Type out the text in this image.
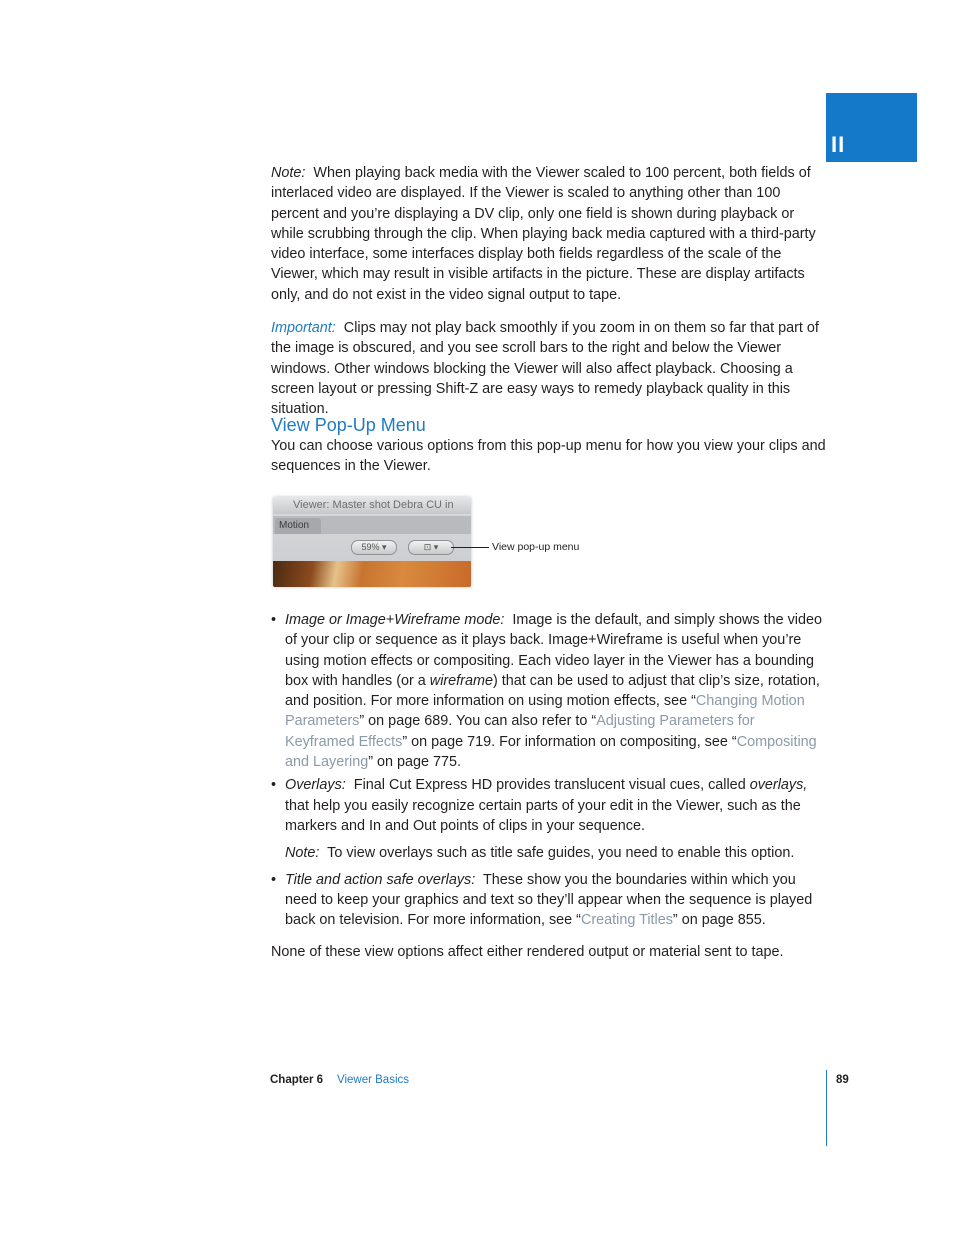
II

Note: When playing back media with the Viewer scaled to 100 percent, both fields of interlaced video are displayed. If the Viewer is scaled to anything other than 100 percent and you’re displaying a DV clip, only one field is shown during playback or while scrubbing through the clip. When playing back media captured with a third-party video interface, some interfaces display both fields regardless of the scale of the Viewer, which may result in visible artifacts in the picture. These are display artifacts only, and do not exist in the video signal output to tape.

Important: Clips may not play back smoothly if you zoom in on them so far that part of the image is obscured, and you see scroll bars to the right and below the Viewer windows. Other windows blocking the Viewer will also affect playback. Choosing a screen layout or pressing Shift-Z are easy ways to remedy playback quality in this situation.

View Pop-Up Menu

You can choose various options from this pop-up menu for how you view your clips and sequences in the Viewer.

Viewer: Master shot Debra CU in
Motion
59% ▾	⊡ ▾	View pop-up menu
• Image or Image+Wireframe mode: Image is the default, and simply shows the video of your clip or sequence as it plays back. Image+Wireframe is useful when you’re using motion effects or compositing. Each video layer in the Viewer has a bounding box with handles (or a wireframe) that can be used to adjust that clip’s size, rotation, and position. For more information on using motion effects, see “Changing Motion Parameters” on page 689. You can also refer to “Adjusting Parameters for Keyframed Effects” on page 719. For information on compositing, see “Compositing and Layering” on page 775.
• Overlays: Final Cut Express HD provides translucent visual cues, called overlays, that help you easily recognize certain parts of your edit in the Viewer, such as the markers and In and Out points of clips in your sequence.

Note: To view overlays such as title safe guides, you need to enable this option.

• Title and action safe overlays: These show you the boundaries within which you need to keep your graphics and text so they’ll appear when the sequence is played back on television. For more information, see “Creating Titles” on page 855.

None of these view options affect either rendered output or material sent to tape.

Chapter 6 Viewer Basics	89
